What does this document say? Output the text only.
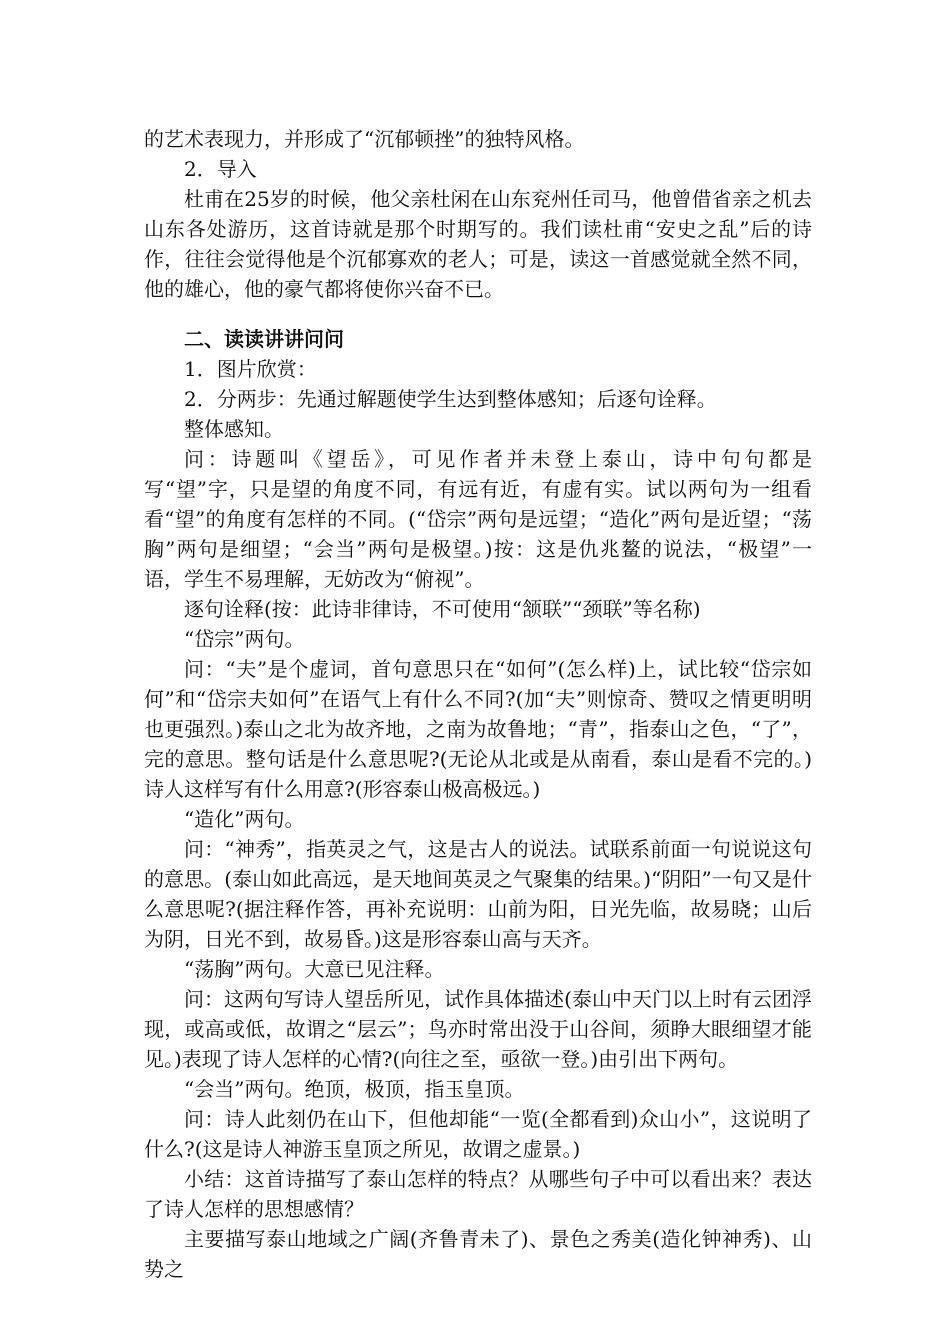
的艺术表现力，并形成了“沉郁顿挫”的独特风格。

2．导入

杜甫在25岁的时候，他父亲杜闲在山东兖州任司马，他曾借省亲之机去山东各处游历，这首诗就是那个时期写的。我们读杜甫“安史之乱”后的诗作，往往会觉得他是个沉郁寡欢的老人；可是，读这一首感觉就全然不同，他的雄心，他的豪气都将使你兴奋不已。

二、读读讲讲问问

1．图片欣赏：

2．分两步：先通过解题使学生达到整体感知；后逐句诠释。

整体感知。

问：诗题叫《望岳》，可见作者并未登上泰山，诗中句句都是写“望”字，只是望的角度不同，有远有近，有虚有实。试以两句为一组看看“望”的角度有怎样的不同。(“岱宗”两句是远望；“造化”两句是近望；“荡胸”两句是细望；“会当”两句是极望。)按：这是仇兆鳌的说法，“极望”一语，学生不易理解，无妨改为“俯视”。

逐句诠释(按：此诗非律诗，不可使用“颔联”“颈联”等名称)

“岱宗”两句。

问：“夫”是个虚词，首句意思只在“如何”(怎么样)上，试比较“岱宗如何”和“岱宗夫如何”在语气上有什么不同?(加“夫”则惊奇、赞叹之情更明明也更强烈。)泰山之北为故齐地，之南为故鲁地；“青”，指泰山之色，“了”，完的意思。整句话是什么意思呢?(无论从北或是从南看，泰山是看不完的。)诗人这样写有什么用意?(形容泰山极高极远。)

“造化”两句。

问：“神秀”，指英灵之气，这是古人的说法。试联系前面一句说说这句的意思。(泰山如此高远，是天地间英灵之气聚集的结果。)“阴阳”一句又是什么意思呢?(据注释作答，再补充说明：山前为阳，日光先临，故易晓；山后为阴，日光不到，故易昏。)这是形容泰山高与天齐。

“荡胸”两句。大意已见注释。

问：这两句写诗人望岳所见，试作具体描述(泰山中天门以上时有云团浮现，或高或低，故谓之“层云”；鸟亦时常出没于山谷间，须睁大眼细望才能见。)表现了诗人怎样的心情?(向往之至，亟欲一登。)由引出下两句。

“会当”两句。绝顶，极顶，指玉皇顶。

问：诗人此刻仍在山下，但他却能“一览(全都看到)众山小”，这说明了什么?(这是诗人神游玉皇顶之所见，故谓之虚景。)

小结：这首诗描写了泰山怎样的特点？从哪些句子中可以看出来？表达了诗人怎样的思想感情？

主要描写泰山地域之广阔(齐鲁青未了)、景色之秀美(造化钟神秀)、山势之
